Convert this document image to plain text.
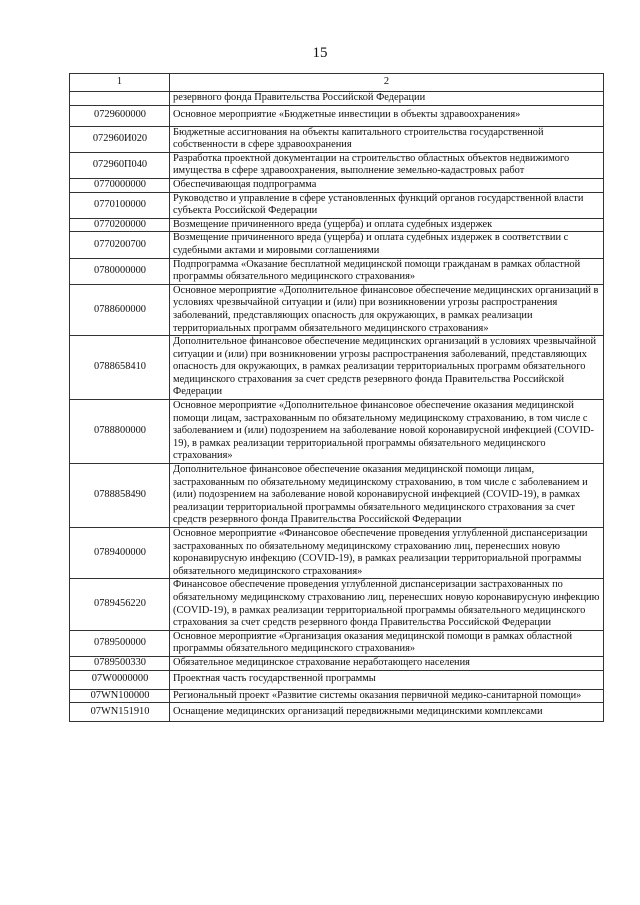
15
1	2
	резервного фонда Правительства Российской Федерации
0729600000	Основное мероприятие «Бюджетные инвестиции в объекты здравоохранения»
072960И020	Бюджетные ассигнования на объекты капитального строительства государственной собственности в сфере здравоохранения
072960П040	Разработка проектной документации на строительство областных объектов недвижимого имущества в сфере здравоохранения, выполнение земельно-кадастровых работ
0770000000	Обеспечивающая подпрограмма
0770100000	Руководство и управление в сфере установленных функций органов государственной власти субъекта Российской Федерации
0770200000	Возмещение причиненного вреда (ущерба) и оплата судебных издержек
0770200700	Возмещение причиненного вреда (ущерба) и оплата судебных издержек в соответствии с судебными актами и мировыми соглашениями
0780000000	Подпрограмма «Оказание бесплатной медицинской помощи гражданам в рамках областной программы обязательного медицинского страхования»
0788600000	Основное мероприятие «Дополнительное финансовое обеспечение медицинских организаций в условиях чрезвычайной ситуации и (или) при возникновении угрозы распространения заболеваний, представляющих опасность для окружающих, в рамках реализации территориальных программ обязательного медицинского страхования»
0788658410	Дополнительное финансовое обеспечение медицинских организаций в условиях чрезвычайной ситуации и (или) при возникновении угрозы распространения заболеваний, представляющих опасность для окружающих, в рамках реализации территориальных программ обязательного медицинского страхования за счет средств резервного фонда Правительства Российской Федерации
0788800000	Основное мероприятие «Дополнительное финансовое обеспечение оказания медицинской помощи лицам, застрахованным по обязательному медицинскому страхованию, в том числе с заболеванием и (или) подозрением на заболевание новой коронавирусной инфекцией (COVID-19), в рамках реализации территориальной программы обязательного медицинского страхования»
0788858490	Дополнительное финансовое обеспечение оказания медицинской помощи лицам, застрахованным по обязательному медицинскому страхованию, в том числе с заболеванием и (или) подозрением на заболевание новой коронавирусной инфекцией (COVID-19), в рамках реализации территориальной программы обязательного медицинского страхования за счет средств резервного фонда Правительства Российской Федерации
0789400000	Основное мероприятие «Финансовое обеспечение проведения углубленной диспансеризации застрахованных по обязательному медицинскому страхованию лиц, перенесших новую коронавирусную инфекцию (COVID-19), в рамках реализации территориальной программы обязательного медицинского страхования»
0789456220	Финансовое обеспечение проведения углубленной диспансеризации застрахованных по обязательному медицинскому страхованию лиц, перенесших новую коронавирусную инфекцию (COVID-19), в рамках реализации территориальной программы обязательного медицинского страхования за счет средств резервного фонда Правительства Российской Федерации
0789500000	Основное мероприятие «Организация оказания медицинской помощи в рамках областной программы обязательного медицинского страхования»
0789500330	Обязательное медицинское страхование неработающего населения
07W0000000	Проектная часть государственной программы
07WN100000	Региональный проект «Развитие системы оказания первичной медико-санитарной помощи»
07WN151910	Оснащение медицинских организаций передвижными медицинскими комплексами
